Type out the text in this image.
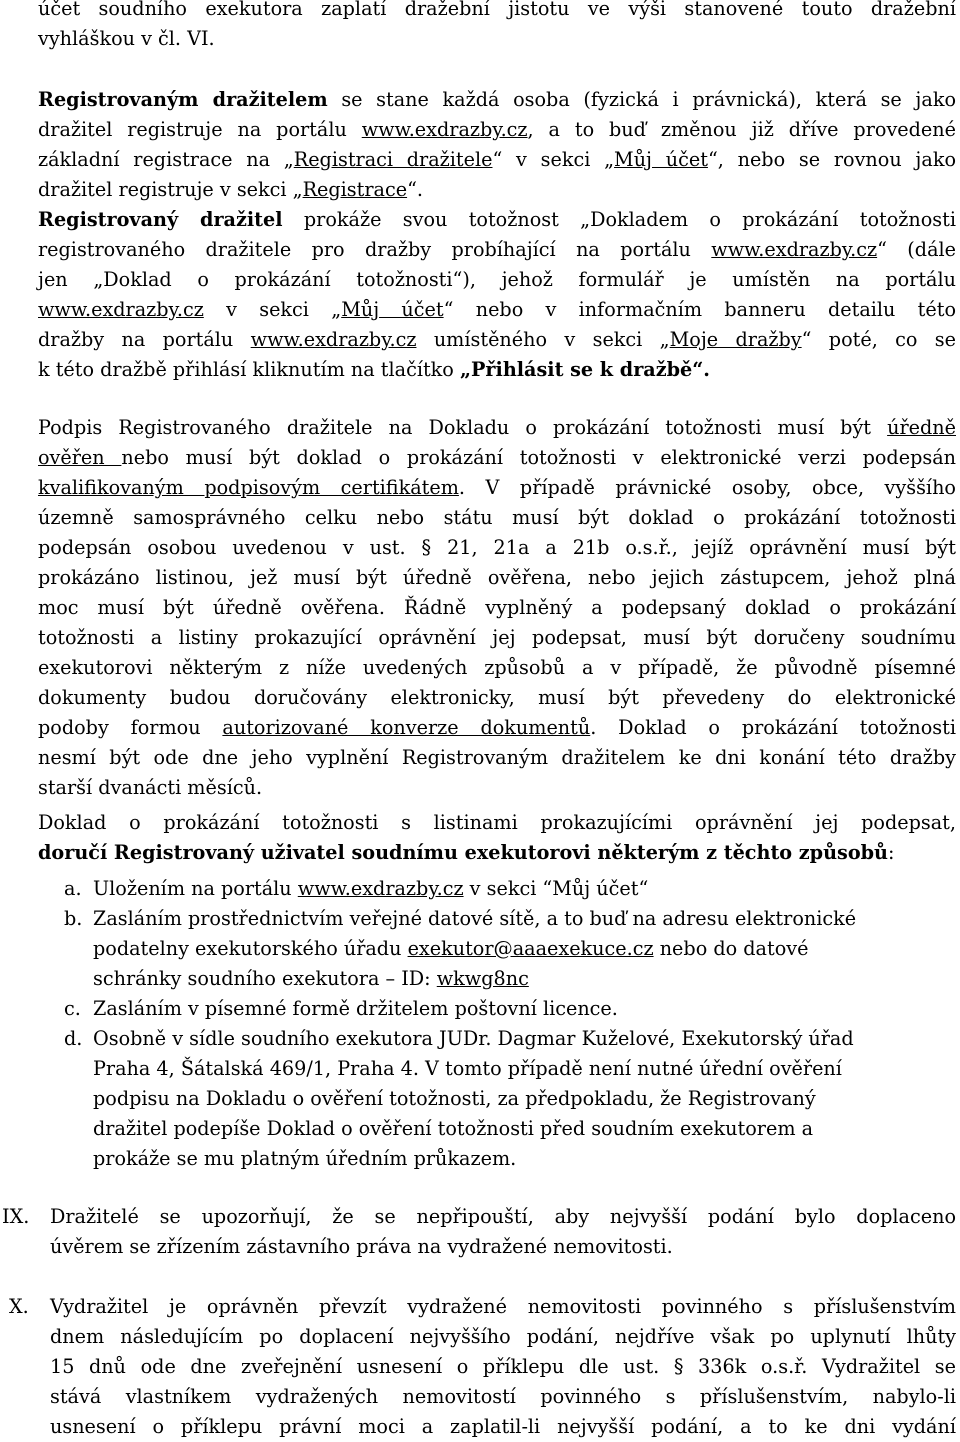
účet soudního exekutora zaplatí dražební jistotu ve výši stanovené touto dražební
vyhláškou v čl. VI.
Registrovaným dražitelem se stane každá osoba (fyzická i právnická), která se jako
dražitel registruje na portálu www.exdrazby.cz, a to buď změnou již dříve provedené
základní registrace na „Registraci dražitele“ v sekci „Můj účet“, nebo se rovnou jako
dražitel registruje v sekci „Registrace“.
Registrovaný dražitel prokáže svou totožnost „Dokladem o prokázání totožnosti
registrovaného dražitele pro dražby probíhající na portálu www.exdrazby.cz“ (dále
jen „Doklad o prokázání totožnosti“), jehož formulář je umístěn na portálu
www.exdrazby.cz v sekci „Můj účet“ nebo v informačním banneru detailu této
dražby na portálu www.exdrazby.cz umístěného v sekci „Moje dražby“ poté, co se
k této dražbě přihlásí kliknutím na tlačítko „Přihlásit se k dražbě“.
Podpis Registrovaného dražitele na Dokladu o prokázání totožnosti musí být úředně
ověřen nebo musí být doklad o prokázání totožnosti v elektronické verzi podepsán
kvalifikovaným podpisovým certifikátem. V případě právnické osoby, obce, vyššího
územně samosprávného celku nebo státu musí být doklad o prokázání totožnosti
podepsán osobou uvedenou v ust. § 21, 21a a 21b o.s.ř., jejíž oprávnění musí být
prokázáno listinou, jež musí být úředně ověřena, nebo jejich zástupcem, jehož plná
moc musí být úředně ověřena. Řádně vyplněný a podepsaný doklad o prokázání
totožnosti a listiny prokazující oprávnění jej podepsat, musí být doručeny soudnímu
exekutorovi některým z níže uvedených způsobů a v případě, že původně písemné
dokumenty budou doručovány elektronicky, musí být převedeny do elektronické
podoby formou autorizované konverze dokumentů. Doklad o prokázání totožnosti
nesmí být ode dne jeho vyplnění Registrovaným dražitelem ke dni konání této dražby
starší dvanácti měsíců.
Doklad o prokázání totožnosti s listinami prokazujícími oprávnění jej podepsat,
doručí Registrovaný uživatel soudnímu exekutorovi některým z těchto způsobů:
a. Uložením na portálu www.exdrazby.cz v sekci “Můj účet“
b. Zasláním prostřednictvím veřejné datové sítě, a to buď na adresu elektronické
podatelny exekutorského úřadu exekutor@aaaexekuce.cz nebo do datové
schránky soudního exekutora – ID: wkwg8nc
c. Zasláním v písemné formě držitelem poštovní licence.
d. Osobně v sídle soudního exekutora JUDr. Dagmar Kuželové, Exekutorský úřad
Praha 4, Šátalská 469/1, Praha 4. V tomto případě není nutné úřední ověření
podpisu na Dokladu o ověření totožnosti, za předpokladu, že Registrovaný
dražitel podepíše Doklad o ověření totožnosti před soudním exekutorem a
prokáže se mu platným úředním průkazem.
IX. Dražitelé se upozorňují, že se nepřipouští, aby nejvyšší podání bylo doplaceno
úvěrem se zřízením zástavního práva na vydražené nemovitosti.
X. Vydražitel je oprávněn převzít vydražené nemovitosti povinného s příslušenstvím
dnem následujícím po doplacení nejvyššího podání, nejdříve však po uplynutí lhůty
15 dnů ode dne zveřejnění usnesení o příklepu dle ust. § 336k o.s.ř. Vydražitel se
stává vlastníkem vydražených nemovitostí povinného s příslušenstvím, nabylo-li
usnesení o příklepu právní moci a zaplatil-li nejvyšší podání, a to ke dni vydání
